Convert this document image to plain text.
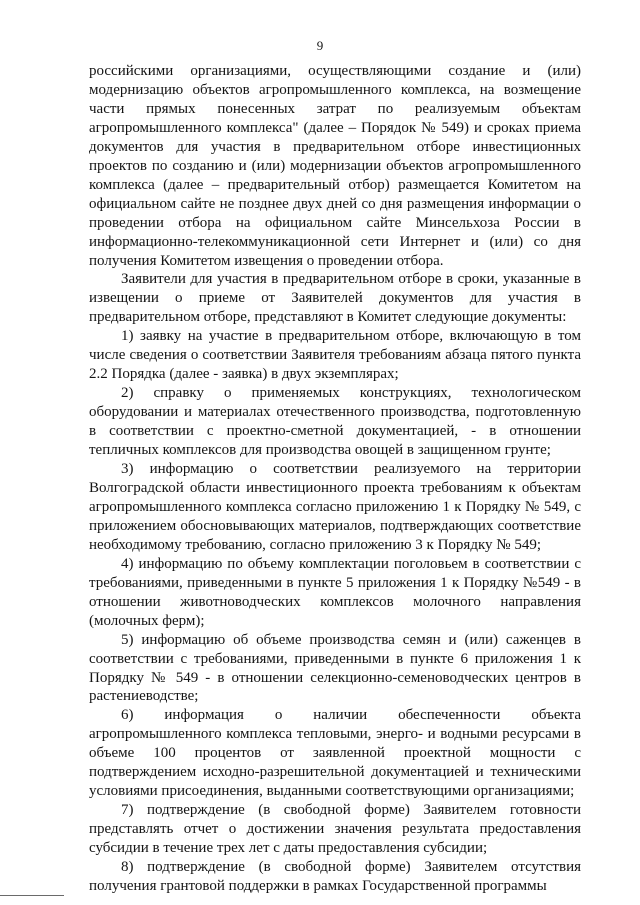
9

российскими организациями, осуществляющими создание и (или) модернизацию объектов агропромышленного комплекса, на возмещение части прямых понесенных затрат по реализуемым объектам агропромышленного комплекса" (далее – Порядок № 549) и сроках приема документов для участия в предварительном отборе инвестиционных проектов по созданию и (или) модернизации объектов агропромышленного комплекса (далее – предварительный отбор) размещается Комитетом на официальном сайте не позднее двух дней со дня размещения информации о проведении отбора на официальном сайте Минсельхоза России в информационно-телекоммуникационной сети Интернет и (или) со дня получения Комитетом извещения о проведении отбора.

Заявители для участия в предварительном отборе в сроки, указанные в извещении о приеме от Заявителей документов для участия в предварительном отборе, представляют в Комитет следующие документы:

1) заявку на участие в предварительном отборе, включающую в том числе сведения о соответствии Заявителя требованиям абзаца пятого пункта 2.2 Порядка (далее - заявка) в двух экземплярах;

2) справку о применяемых конструкциях, технологическом оборудовании и материалах отечественного производства, подготовленную в соответствии с проектно-сметной документацией, - в отношении тепличных комплексов для производства овощей в защищенном грунте;

3) информацию о соответствии реализуемого на территории Волгоградской области инвестиционного проекта требованиям к объектам агропромышленного комплекса согласно приложению 1 к Порядку № 549, с приложением обосновывающих материалов, подтверждающих соответствие необходимому требованию, согласно приложению 3 к Порядку № 549;

4) информацию по объему комплектации поголовьем в соответствии с требованиями, приведенными в пункте 5 приложения 1 к Порядку №549 - в отношении животноводческих комплексов молочного направления (молочных ферм);

5) информацию об объеме производства семян и (или) саженцев в соответствии с требованиями, приведенными в пункте 6 приложения 1 к Порядку № 549 - в отношении селекционно-семеноводческих центров в растениеводстве;

6) информация о наличии обеспеченности объекта агропромышленного комплекса тепловыми, энерго- и водными ресурсами в объеме 100 процентов от заявленной проектной мощности с подтверждением исходно-разрешительной документацией и техническими условиями присоединения, выданными соответствующими организациями;

7) подтверждение (в свободной форме) Заявителем готовности представлять отчет о достижении значения результата предоставления субсидии в течение трех лет с даты предоставления субсидии;

8) подтверждение (в свободной форме) Заявителем отсутствия получения грантовой поддержки в рамках Государственной программы
